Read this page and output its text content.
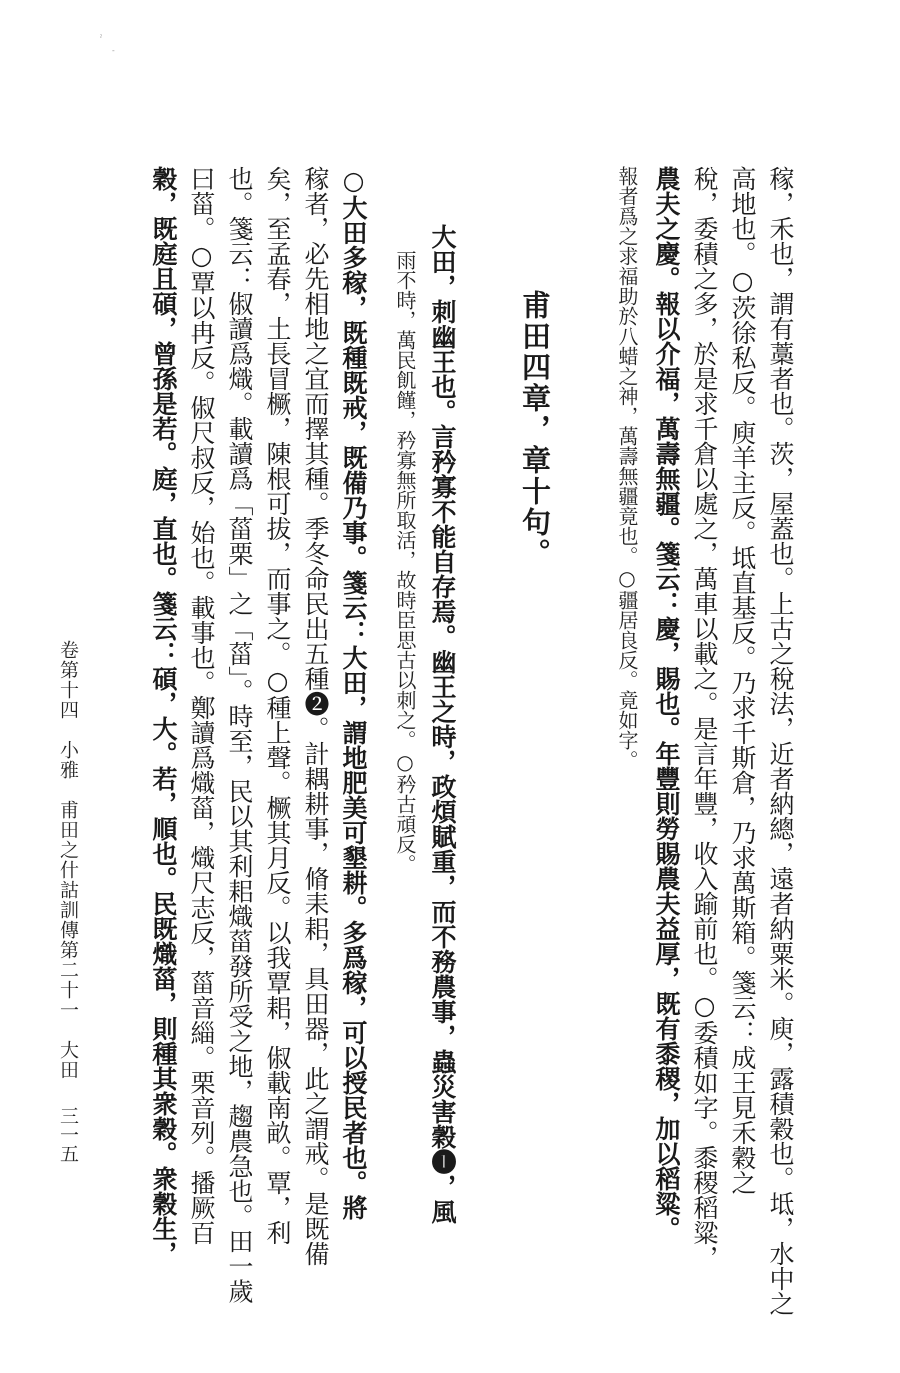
ˀ
-
稼，禾也，謂有藁者也。茨，屋蓋也。上古之稅法，近者納總，遠者納粟米。庾，露積穀也。坻，水中之
高地也。○茨徐私反。庾羊主反。坻直基反。乃求千斯倉，乃求萬斯箱。箋云：成王見禾穀之
稅，委積之多，於是求千倉以處之，萬車以載之。是言年豐，收入踰前也。○委積如字。黍稷稻粱，
農夫之慶。報以介福，萬壽無疆。箋云：慶，賜也。年豐則勞賜農夫益厚，既有黍稷，加以稻粱。
報者爲之求福助於八蜡之神，萬壽無疆竟也。○疆居良反。竟如字。
甫田四章，章十句。
大田，刺幽王也。言矜寡不能自存焉。幽王之時，政煩賦重，而不務農事，蟲災害穀❶，風
雨不時，萬民飢饉，矜寡無所取活，故時臣思古以刺之。○矜古頑反。
○大田多稼，既種既戒，既備乃事。箋云：大田，謂地肥美可墾耕。多爲稼，可以授民者也。將
稼者，必先相地之宜而擇其種。季冬命民出五種❷。計耦耕事，脩耒耜，具田器，此之謂戒。是既備
矣，至孟春，土長冒橛，陳根可拔，而事之。○種上聲。橛其月反。以我覃耜，俶載南畝。覃，利
也。箋云：俶讀爲熾。載讀爲「菑栗」之「菑」。時至，民以其利耜熾菑發所受之地，趨農急也。田一歲
曰菑。○覃以冉反。俶尺叔反，始也。載事也。鄭讀爲熾菑，熾尺志反，菑音緇。栗音列。播厥百
穀，既庭且碩，曾孫是若。庭，直也。箋云：碩，大。若，順也。民既熾菑，則種其衆穀。衆穀生，
卷第十四　小雅　甫田之什詁訓傳第二十一　大田
三一五
